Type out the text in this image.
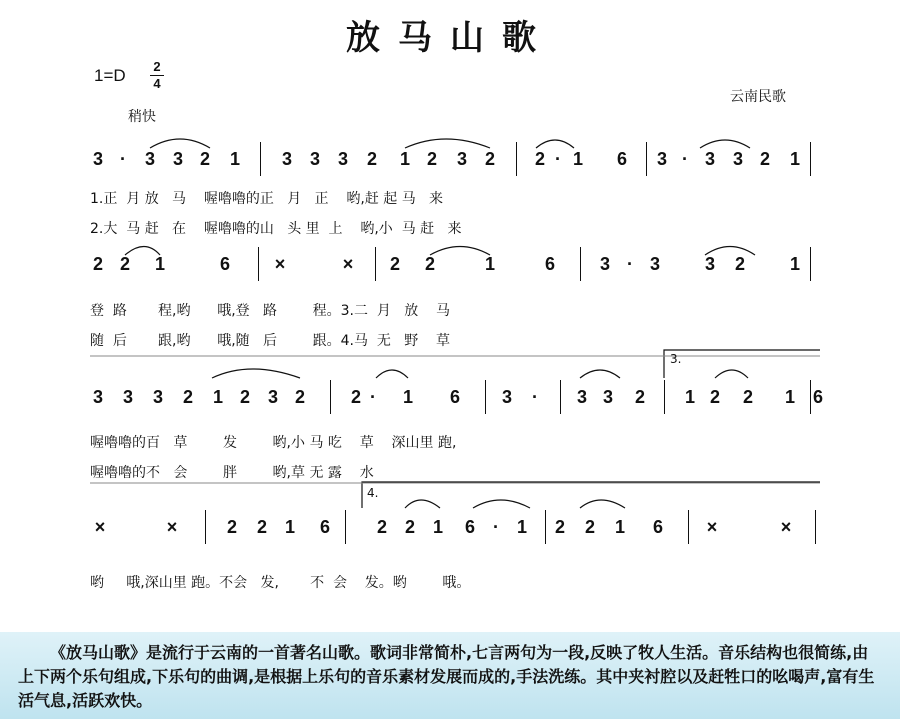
放马山歌
1=D 2
4
稍快
云南民歌
3 · 3 3 2 1 3 3 3 2 1 2 3 2 2 · 1 6 3 · 3 3 2 1
1.正  月 放   马    喔嚕嚕的正   月   正    哟,赶 起 马   来
2.大  马 赶   在    喔嚕嚕的山   头 里  上    哟,小  马 赶   来
2 2 1	6 ×	× 2 2	1	6 3 · 3 3 2 1
登  路       程,哟      哦,登   路        程。3.二  月   放    马
随  后       跟,哟      哦,随   后        跟。4.马  无   野    草
3 3 3 2 1 2 3 2	2 · 1 6 3 · 3 3 2 1 2 2 1 6
喔嚕嚕的百   草        发        哟,小 马 吃    草    深山里 跑,
喔嚕嚕的不   会        胖        哟,草 无 露    水
3.
×	×	2 2 1 6	2 2 1 6 · 1 2 2 1 6 ×	×
哟     哦,深山里 跑。不会   发,       不  会    发。哟        哦。
4.

《放马山歌》是流行于云南的一首著名山歌。歌词非常简朴,七言两句为一段,反映了牧人生活。音乐结构也很简练,由上下两个乐句组成,下乐句的曲调,是根据上乐句的音乐素材发展而成的,手法洗练。其中夹衬腔以及赶牲口的吆喝声,富有生活气息,活跃欢快。
